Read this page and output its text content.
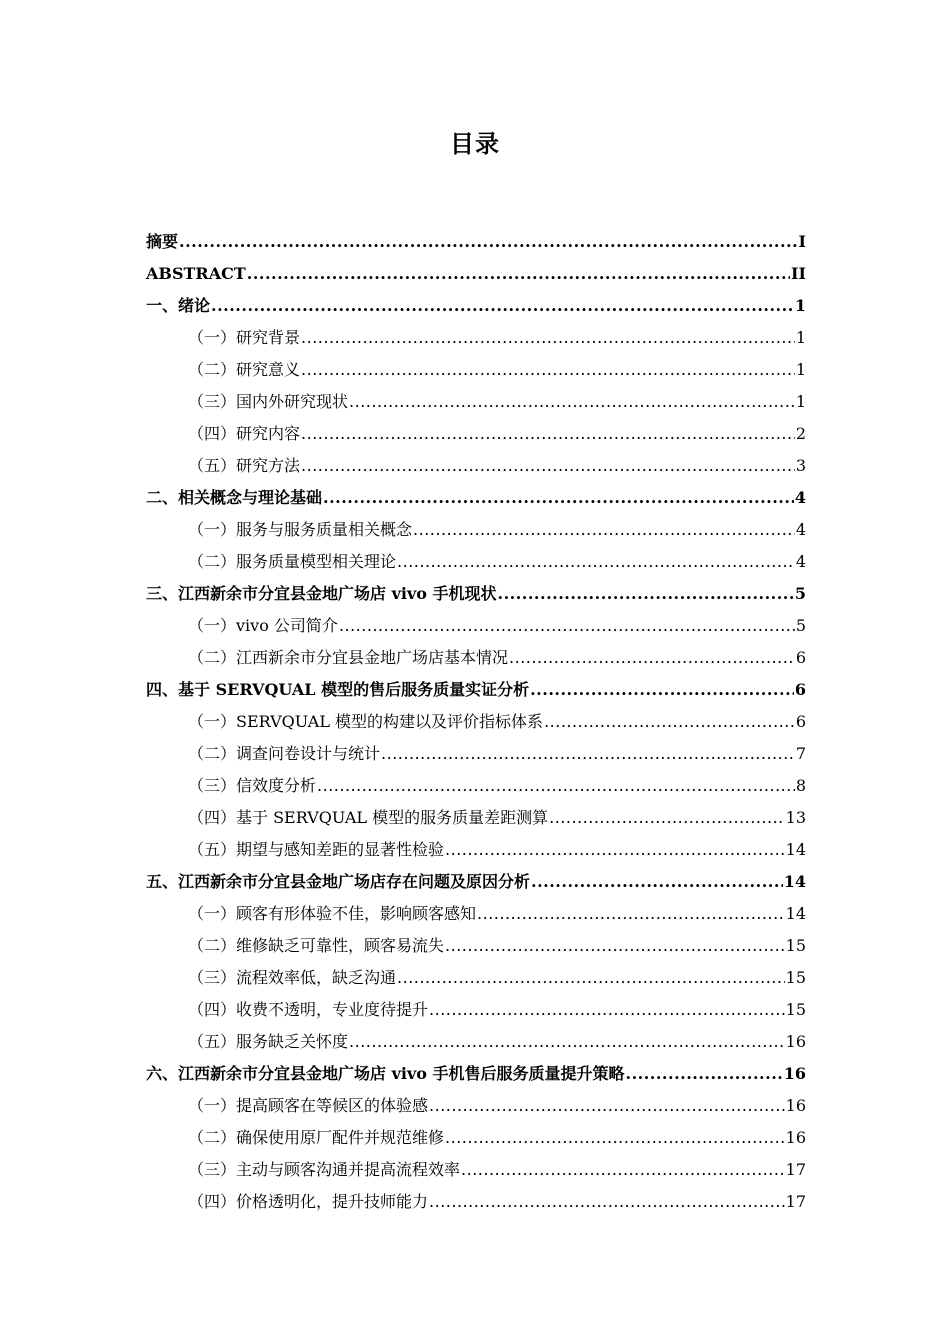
目录
摘要 .....	I
ABSTRACT .....	II
一、绪论 .....	1
（一）研究背景 .....	1
（二）研究意义 .....	1
（三）国内外研究现状 .....	1
（四）研究内容 .....	2
（五）研究方法 .....	3
二、相关概念与理论基础 .....	4
（一）服务与服务质量相关概念 .....	4
（二）服务质量模型相关理论 .....	4
三、江西新余市分宜县金地广场店 vivo 手机现状 .....	5
（一）vivo 公司简介 .....	5
（二）江西新余市分宜县金地广场店基本情况 .....	6
四、基于 SERVQUAL 模型的售后服务质量实证分析 .....	6
（一）SERVQUAL 模型的构建以及评价指标体系 .....	6
（二）调查问卷设计与统计 .....	7
（三）信效度分析 .....	8
（四）基于 SERVQUAL 模型的服务质量差距测算 .....	13
（五）期望与感知差距的显著性检验 .....	14
五、江西新余市分宜县金地广场店存在问题及原因分析 .....	14
（一）顾客有形体验不佳，影响顾客感知 .....	14
（二）维修缺乏可靠性，顾客易流失 .....	15
（三）流程效率低，缺乏沟通 .....	15
（四）收费不透明，专业度待提升 .....	15
（五）服务缺乏关怀度 .....	16
六、江西新余市分宜县金地广场店 vivo 手机售后服务质量提升策略 .....	16
（一）提高顾客在等候区的体验感 .....	16
（二）确保使用原厂配件并规范维修 .....	16
（三）主动与顾客沟通并提高流程效率 .....	17
（四）价格透明化，提升技师能力 .....	17
